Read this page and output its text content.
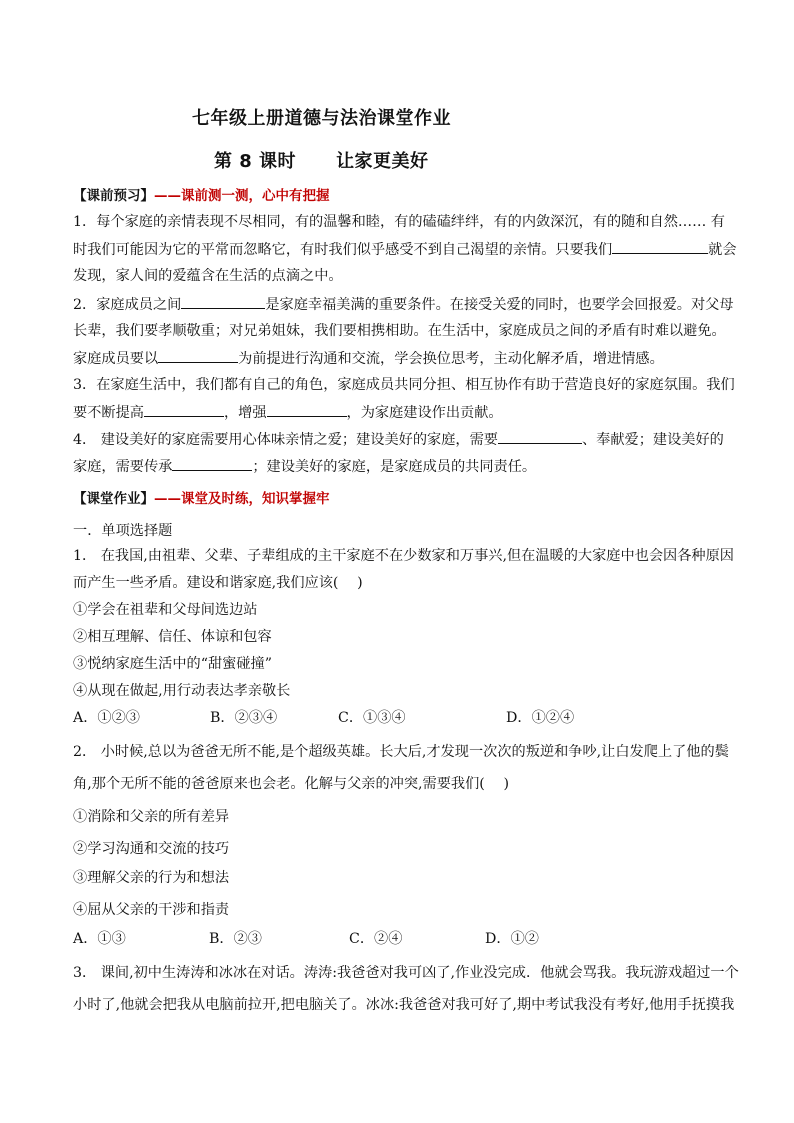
七年级上册道德与法治课堂作业
第 8 课时 让家更美好
【课前预习】——课前测一测，心中有把握
1．每个家庭的亲情表现不尽相同，有的温馨和睦，有的磕磕绊绊，有的内敛深沉，有的随和自然…… 有
时我们可能因为它的平常而忽略它，有时我们似乎感受不到自己渴望的亲情。只要我们	就会
发现，家人间的爱蕴含在生活的点滴之中。
2．家庭成员之间	是家庭幸福美满的重要条件。在接受关爱的同时，也要学会回报爱。对父母
长辈，我们要孝顺敬重；对兄弟姐妹，我们要相携相助。在生活中，家庭成员之间的矛盾有时难以避免。
家庭成员要以	为前提进行沟通和交流，学会换位思考，主动化解矛盾，增进情感。
3．在家庭生活中，我们都有自己的角色，家庭成员共同分担、相互协作有助于营造良好的家庭氛围。我们
要不断提高	，增强	，为家庭建设作出贡献。
4． 建设美好的家庭需要用心体味亲情之爱；建设美好的家庭，需要	、奉献爱；建设美好的
家庭，需要传承	；建设美好的家庭，是家庭成员的共同责任。
【课堂作业】——课堂及时练，知识掌握牢
一．单项选择题
1． 在我国,由祖辈、父辈、子辈组成的主干家庭不在少数家和万事兴,但在温暖的大家庭中也会因各种原因
而产生一些矛盾。建设和谐家庭,我们应该(　 )
①学会在祖辈和父母间选边站
②相互理解、信任、体谅和包容
③悦纳家庭生活中的“甜蜜碰撞”
④从现在做起,用行动表达孝亲敬长
A．①②③	B．②③④	C．①③④	D．①②④
2． 小时候,总以为爸爸无所不能,是个超级英雄。长大后,才发现一次次的叛逆和争吵,让白发爬上了他的鬓
角,那个无所不能的爸爸原来也会老。化解与父亲的冲突,需要我们(　 )
①消除和父亲的所有差异
②学习沟通和交流的技巧
③理解父亲的行为和想法
④屈从父亲的干涉和指责
A．①③	B．②③	C．②④	D．①②
3． 课间,初中生涛涛和冰冰在对话。涛涛:我爸爸对我可凶了,作业没完成．他就会骂我。我玩游戏超过一个
小时了,他就会把我从电脑前拉开,把电脑关了。冰冰:我爸爸对我可好了,期中考试我没有考好,他用手抚摸我
